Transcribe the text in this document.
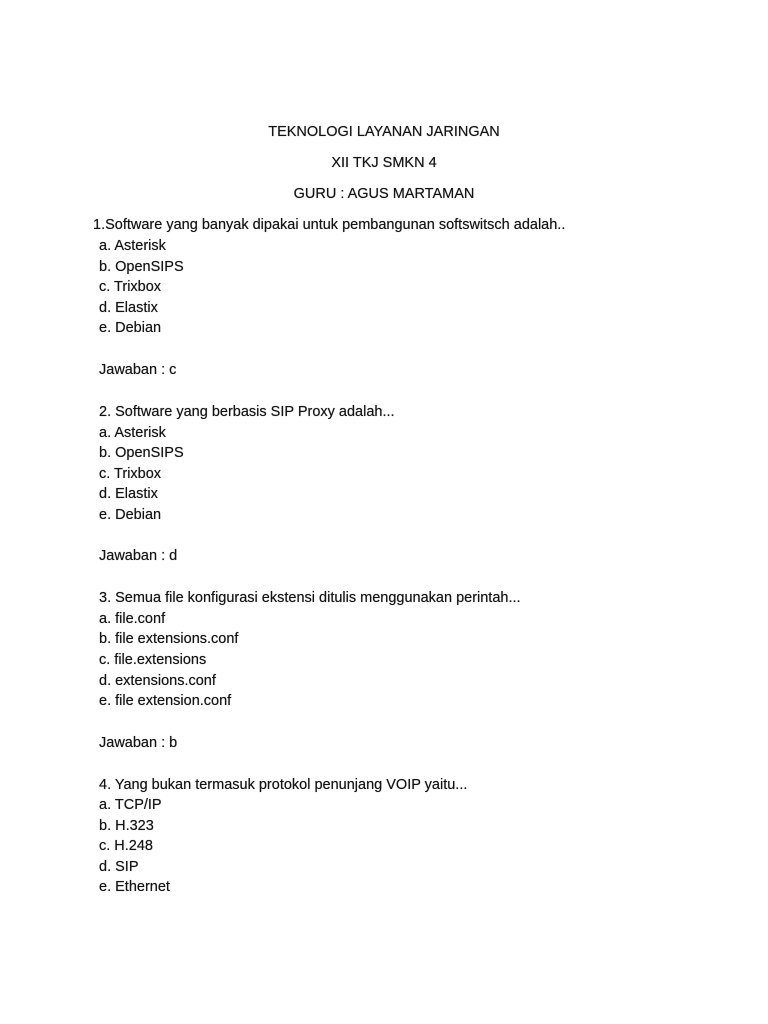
TEKNOLOGI LAYANAN JARINGAN
XII TKJ SMKN 4
GURU : AGUS MARTAMAN
1.Software yang banyak dipakai untuk pembangunan softswitsch adalah..
a. Asterisk
b. OpenSIPS
c. Trixbox
d. Elastix
e. Debian
Jawaban : c
2. Software yang berbasis SIP Proxy adalah...
a. Asterisk
b. OpenSIPS
c. Trixbox
d. Elastix
e. Debian
Jawaban : d
3. Semua file konfigurasi ekstensi ditulis menggunakan perintah...
a. file.conf
b. file extensions.conf
c. file.extensions
d. extensions.conf
e. file extension.conf
Jawaban : b
4. Yang bukan termasuk protokol penunjang VOIP yaitu...
a. TCP/IP
b. H.323
c. H.248
d. SIP
e. Ethernet
